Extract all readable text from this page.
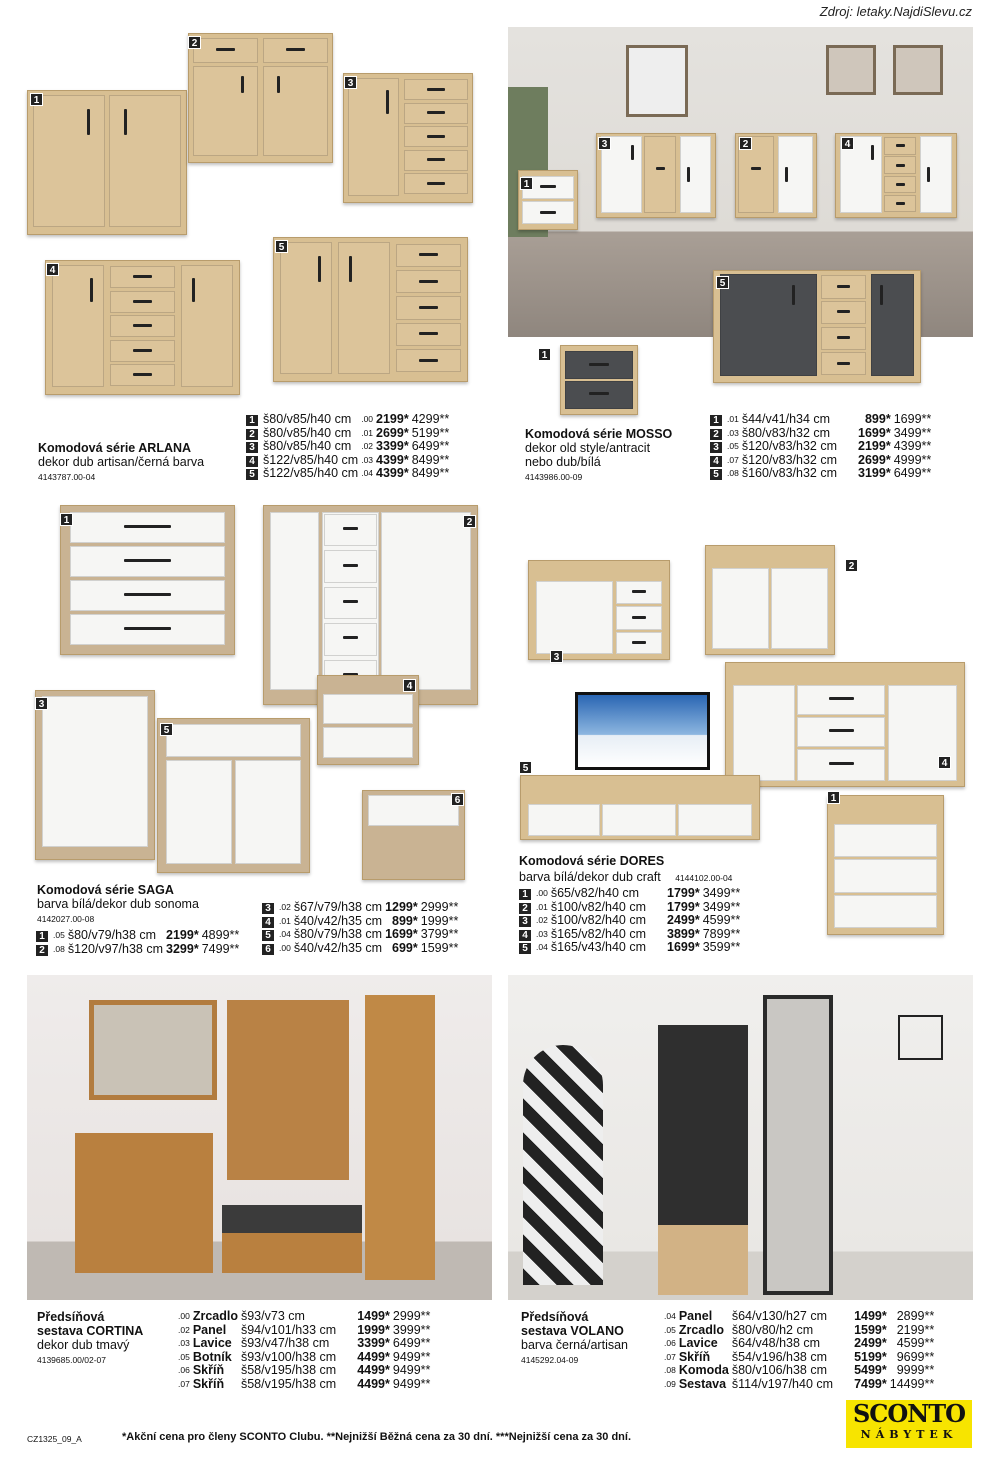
Zdroj: letaky.NajdiSlevu.cz
1
2
3
4
5
1
3	2	4
5
1
1	2
3
4
5
6
3
2
4
5
1
Komodová série ARLANA
dekor dub artisan/černá barva
4143787.00-04
1	š80/v85/h40 cm	.00	2199*	4299**
2	š80/v85/h40 cm	.01	2699*	5199**
3	š80/v85/h40 cm	.02	3399*	6499**
4	š122/v85/h40 cm	.03	4399*	8499**
5	š122/v85/h40 cm	.04	4399*	8499**
Komodová série MOSSO
dekor old style/antracit
nebo dub/bílá
4143986.00-09
1	.01	š44/v41/h34 cm	899*	1699**
2	.03	š80/v83/h32 cm	1699*	3499**
3	.05	š120/v83/h32 cm	2199*	4399**
4	.07	š120/v83/h32 cm	2699*	4999**
5	.08	š160/v83/h32 cm	3199*	6499**
Komodová série SAGA
barva bílá/dekor dub sonoma
4142027.00-08
1	.05	š80/v79/h38 cm	2199*	4899**
2	.08	š120/v97/h38 cm	3299*	7499**
3	.02	š67/v79/h38 cm	1299*	2999**
4	.01	š40/v42/h35 cm	899*	1999**
5	.04	š80/v79/h38 cm	1699*	3799**
6	.00	š40/v42/h35 cm	699*	1599**
Komodová série DORES
barva bílá/dekor dub craft 4144102.00-04
1	.00	š65/v82/h40 cm	1799*	3499**
2	.01	š100/v82/h40 cm	1799*	3499**
3	.02	š100/v82/h40 cm	2499*	4599**
4	.03	š165/v82/h40 cm	3899*	7899**
5	.04	š165/v43/h40 cm	1699*	3599**
Předsíňová
sestava CORTINA
dekor dub tmavý
4139685.00/02-07
.00	Zrcadlo	š93/v73 cm	1499*	2999**
.02	Panel	š94/v101/h33 cm	1999*	3999**
.03	Lavice	š93/v47/h38 cm	3399*	6499**
.05	Botník	š93/v100/h38 cm	4499*	9499**
.06	Skříň	š58/v195/h38 cm	4499*	9499**
.07	Skříň	š58/v195/h38 cm	4499*	9499**
Předsíňová
sestava VOLANO
barva černá/artisan
4145292.04-09
.04	Panel	š64/v130/h27 cm	1499*	2899**
.05	Zrcadlo	š80/v80/h2 cm	1599*	2199**
.06	Lavice	š64/v48/h38 cm	2499*	4599**
.07	Skříň	š54/v196/h38 cm	5199*	9699**
.08	Komoda	š80/v106/h38 cm	5499*	9999**
.09	Sestava	š114/v197/h40 cm	7499*	14499**
CZ1325_09_A	*Akční cena pro členy SCONTO Clubu. **Nejnižší Běžná cena za 30 dní. ***Nejnižší cena za 30 dní.
SCONTO
NÁBYTEK
